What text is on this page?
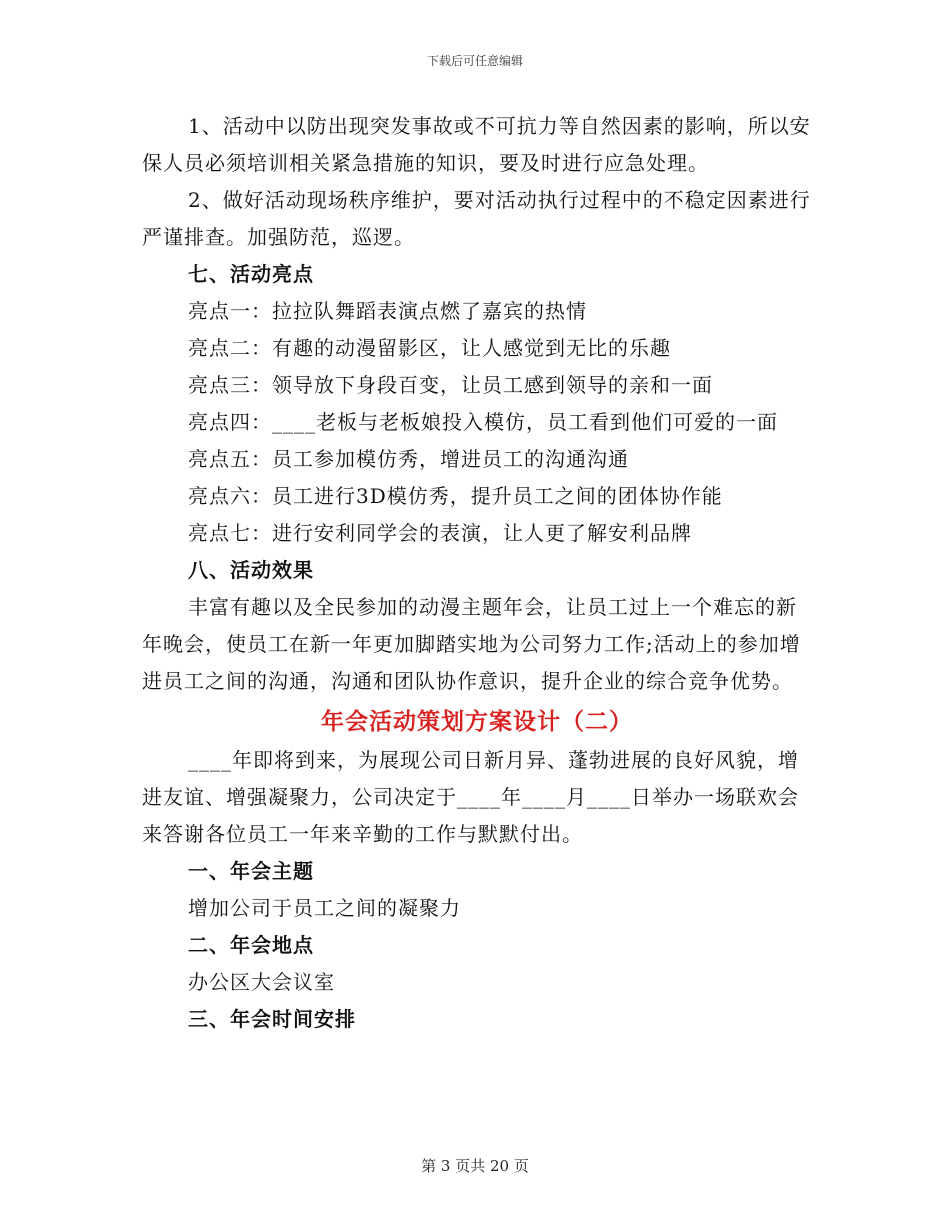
下载后可任意编辑

1、活动中以防出现突发事故或不可抗力等自然因素的影响，所以安保人员必须培训相关紧急措施的知识，要及时进行应急处理。

2、做好活动现场秩序维护，要对活动执行过程中的不稳定因素进行严谨排查。加强防范，巡逻。

七、活动亮点

亮点一：拉拉队舞蹈表演点燃了嘉宾的热情

亮点二：有趣的动漫留影区，让人感觉到无比的乐趣

亮点三：领导放下身段百变，让员工感到领导的亲和一面

亮点四：____老板与老板娘投入模仿，员工看到他们可爱的一面

亮点五：员工参加模仿秀，增进员工的沟通沟通

亮点六：员工进行3D模仿秀，提升员工之间的团体协作能

亮点七：进行安利同学会的表演，让人更了解安利品牌

八、活动效果

丰富有趣以及全民参加的动漫主题年会，让员工过上一个难忘的新年晚会，使员工在新一年更加脚踏实地为公司努力工作;活动上的参加增进员工之间的沟通，沟通和团队协作意识，提升企业的综合竞争优势。

年会活动策划方案设计（二）

____年即将到来，为展现公司日新月异、蓬勃进展的良好风貌，增进友谊、增强凝聚力，公司决定于____年____月____日举办一场联欢会来答谢各位员工一年来辛勤的工作与默默付出。

一、年会主题

增加公司于员工之间的凝聚力

二、年会地点

办公区大会议室

三、年会时间安排

第 3 页共 20 页
